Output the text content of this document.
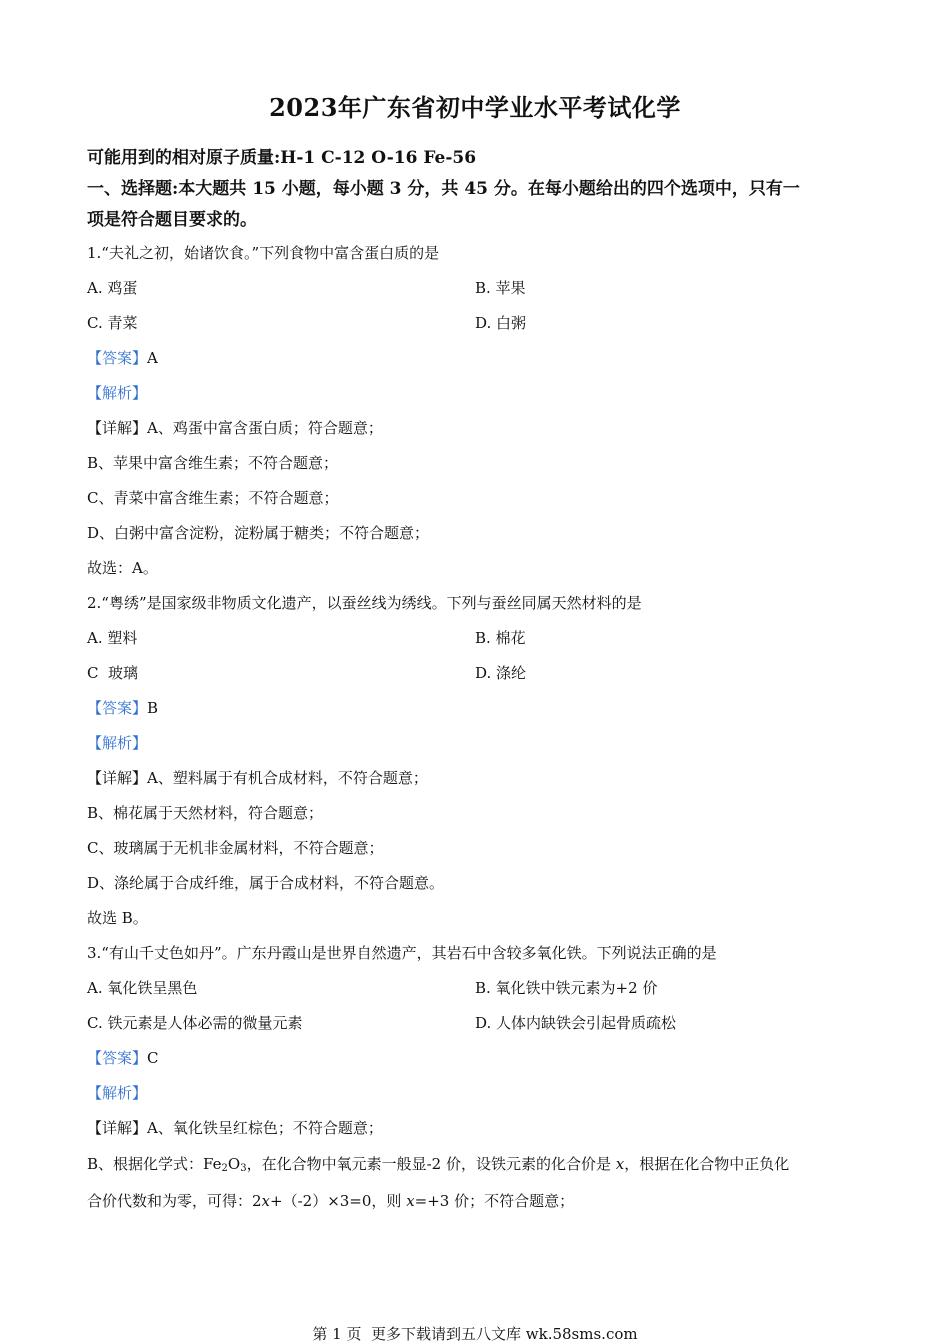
2023年广东省初中学业水平考试化学
可能用到的相对原子质量:H-1 C-12 O-16 Fe-56
一、选择题:本大题共 15 小题，每小题 3 分，共 45 分。在每小题给出的四个选项中，只有一
项是符合题目要求的。
1.“夫礼之初，始诸饮食。”下列食物中富含蛋白质的是
A. 鸡蛋	B. 苹果
C. 青菜	D. 白粥
【答案】A
【解析】
【详解】A、鸡蛋中富含蛋白质；符合题意；
B、苹果中富含维生素；不符合题意；
C、青菜中富含维生素；不符合题意；
D、白粥中富含淀粉，淀粉属于糖类；不符合题意；
故选：A。
2.“粤绣”是国家级非物质文化遗产，以蚕丝线为绣线。下列与蚕丝同属天然材料的是
A. 塑料	B. 棉花
C  玻璃	D. 涤纶
【答案】B
【解析】
【详解】A、塑料属于有机合成材料，不符合题意；
B、棉花属于天然材料，符合题意；
C、玻璃属于无机非金属材料，不符合题意；
D、涤纶属于合成纤维，属于合成材料，不符合题意。
故选 B。
3.“有山千丈色如丹”。广东丹霞山是世界自然遗产，其岩石中含较多氧化铁。下列说法正确的是
A. 氧化铁呈黑色	B. 氧化铁中铁元素为+2 价
C. 铁元素是人体必需的微量元素	D. 人体内缺铁会引起骨质疏松
【答案】C
【解析】
【详解】A、氧化铁呈红棕色；不符合题意；
B、根据化学式：$Fe_2O_3$，在化合物中氧元素一般显-2 价，设铁元素的化合价是 x，根据在化合物中正负化
合价代数和为零，可得：2x+（-2）×3=0，则 x=+3 价；不符合题意；
第 1 页  更多下载请到五八文库 wk.58sms.com
